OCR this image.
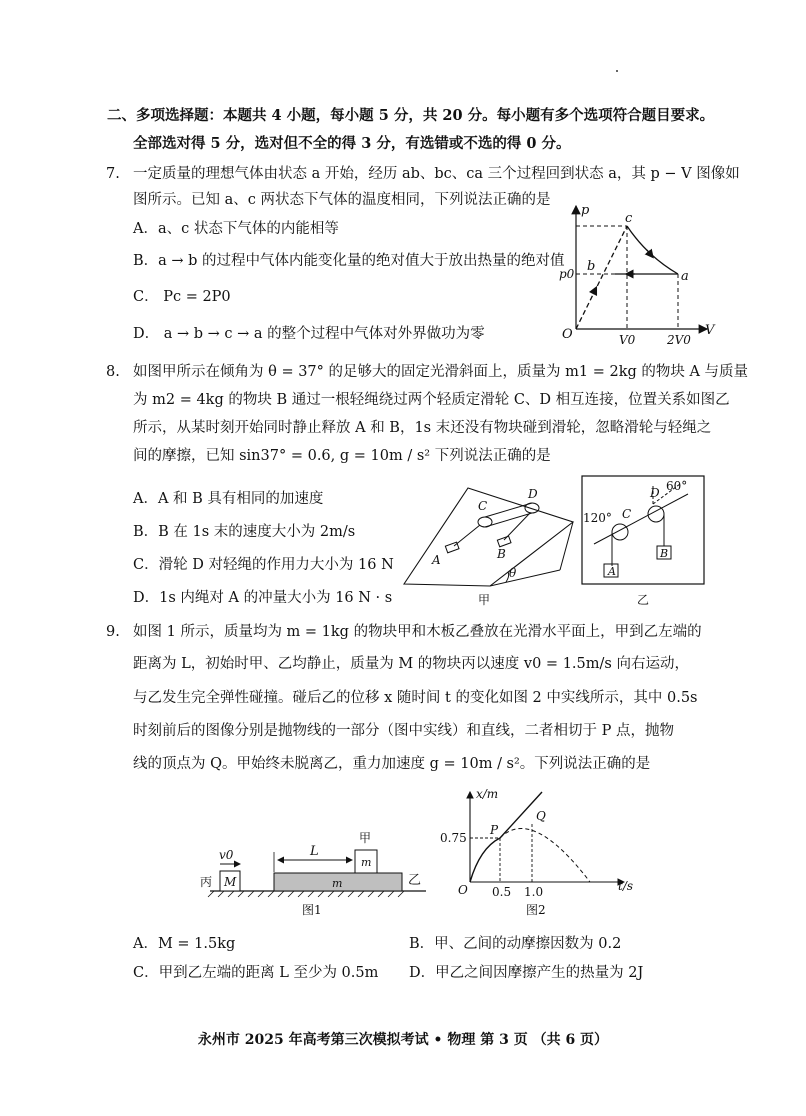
二、多项选择题：本题共 4 小题，每小题 5 分，共 20 分。每小题有多个选项符合题目要求。
全部选对得 5 分，选对但不全的得 3 分，有选错或不选的得 0 分。
7. 一定质量的理想气体由状态 a 开始，经历 ab、bc、ca 三个过程回到状态 a，其 p − V 图像如
图所示。已知 a、c 两状态下气体的温度相同，下列说法正确的是
A．a、c 状态下气体的内能相等
B．a → b 的过程中气体内能变化量的绝对值大于放出热量的绝对值
C． Pc = 2P0
D． a → b → c → a 的整个过程中气体对外界做功为零
p
V
O
a
b
c
p0
V0	2V0
8. 如图甲所示在倾角为 θ = 37° 的足够大的固定光滑斜面上，质量为 m1 = 2kg 的物块 A 与质量
为 m2 = 4kg 的物块 B 通过一根轻绳绕过两个轻质定滑轮 C、D 相互连接，位置关系如图乙
所示，从某时刻开始同时静止释放 A 和 B，1s 末还没有物块碰到滑轮，忽略滑轮与轻绳之
间的摩擦，已知 sin37° = 0.6, g = 10m / s² 下列说法正确的是
A．A 和 B 具有相同的加速度
B．B 在 1s 末的速度大小为 2m/s
C．滑轮 D 对轻绳的作用力大小为 16 N
D．1s 内绳对 A 的冲量大小为 16 N · s
C
D
A	B
θ
甲
C
D
A
B
120°
60°
乙
9. 如图 1 所示，质量均为 m = 1kg 的物块甲和木板乙叠放在光滑水平面上，甲到乙左端的
距离为 L，初始时甲、乙均静止，质量为 M 的物块丙以速度 v0 = 1.5m/s 向右运动，
与乙发生完全弹性碰撞。碰后乙的位移 x 随时间 t 的变化如图 2 中实线所示，其中 0.5s
时刻前后的图像分别是抛物线的一部分（图中实线）和直线，二者相切于 P 点，抛物
线的顶点为 Q。甲始终未脱离乙，重力加速度 g = 10m / s²。下列说法正确的是
v0	L
甲
m
m
M
丙	乙
图1
x/m
t/s
O
0.75
0.5 1.0
P
Q
图2
A．M = 1.5kg	B．甲、乙间的动摩擦因数为 0.2
C．甲到乙左端的距离 L 至少为 0.5m D．甲乙之间因摩擦产生的热量为 2J
永州市 2025 年高考第三次模拟考试 • 物理 第 3 页 （共 6 页）
